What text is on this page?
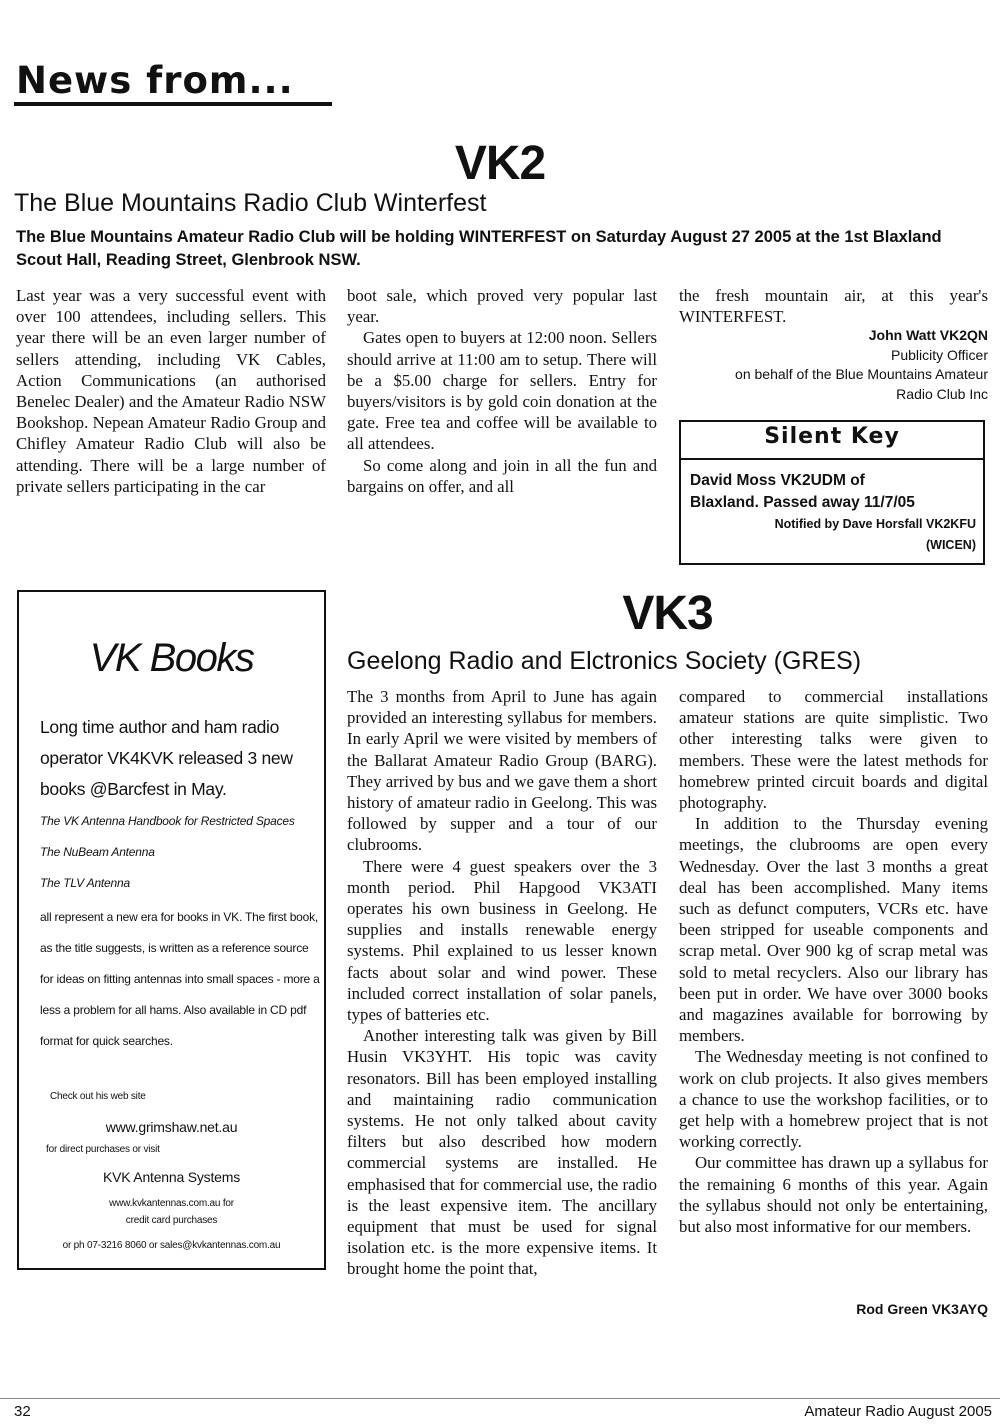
News from...
VK2
The Blue Mountains Radio Club Winterfest
The Blue Mountains Amateur Radio Club will be holding WINTERFEST on Saturday August 27 2005 at the 1st Blaxland Scout Hall, Reading Street, Glenbrook NSW.

Last year was a very successful event with over 100 attendees, including sellers. This year there will be an even larger number of sellers attending, including VK Cables, Action Communications (an authorised Benelec Dealer) and the Amateur Radio NSW Bookshop. Nepean Amateur Radio Group and Chifley Amateur Radio Club will also be attending. There will be a large number of private sellers participating in the car

boot sale, which proved very popular last year.

Gates open to buyers at 12:00 noon. Sellers should arrive at 11:00 am to setup. There will be a $5.00 charge for sellers. Entry for buyers/visitors is by gold coin donation at the gate. Free tea and coffee will be available to all attendees.

So come along and join in all the fun and bargains on offer, and all

the fresh mountain air, at this year's WINTERFEST.

John Watt VK2QN
Publicity Officer
on behalf of the Blue Mountains Amateur
Radio Club Inc
Silent Key
David Moss VK2UDM of
Blaxland. Passed away 11/7/05
Notified by Dave Horsfall VK2KFU
(WICEN)
VK Books
Long time author and ham radio operator VK4KVK released 3 new books @Barcfest in May.
The VK Antenna Handbook for Restricted Spaces
The NuBeam Antenna
The TLV Antenna
all represent a new era for books in VK. The first book, as the title suggests, is written as a reference source for ideas on fitting antennas into small spaces - more a less a problem for all hams. Also available in CD pdf format for quick searches.
Check out his web site
www.grimshaw.net.au
for direct purchases or visit
KVK Antenna Systems
www.kvkantennas.com.au for
credit card purchases
or ph 07-3216 8060 or sales@kvkantennas.com.au
VK3
Geelong Radio and Elctronics Society (GRES)

The 3 months from April to June has again provided an interesting syllabus for members. In early April we were visited by members of the Ballarat Amateur Radio Group (BARG). They arrived by bus and we gave them a short history of amateur radio in Geelong. This was followed by supper and a tour of our clubrooms.

There were 4 guest speakers over the 3 month period. Phil Hapgood VK3ATI operates his own business in Geelong. He supplies and installs renewable energy systems. Phil explained to us lesser known facts about solar and wind power. These included correct installation of solar panels, types of batteries etc.

Another interesting talk was given by Bill Husin VK3YHT. His topic was cavity resonators. Bill has been employed installing and maintaining radio communication systems. He not only talked about cavity filters but also described how modern commercial systems are installed. He emphasised that for commercial use, the radio is the least expensive item. The ancillary equipment that must be used for signal isolation etc. is the more expensive items. It brought home the point that,

compared to commercial installations amateur stations are quite simplistic. Two other interesting talks were given to members. These were the latest methods for homebrew printed circuit boards and digital photography.

In addition to the Thursday evening meetings, the clubrooms are open every Wednesday. Over the last 3 months a great deal has been accomplished. Many items such as defunct computers, VCRs etc. have been stripped for useable components and scrap metal. Over 900 kg of scrap metal was sold to metal recyclers. Also our library has been put in order. We have over 3000 books and magazines available for borrowing by members.

The Wednesday meeting is not confined to work on club projects. It also gives members a chance to use the workshop facilities, or to get help with a homebrew project that is not working correctly.

Our committee has drawn up a syllabus for the remaining 6 months of this year. Again the syllabus should not only be entertaining, but also most informative for our members.

Rod Green VK3AYQ
32	Amateur Radio August 2005
